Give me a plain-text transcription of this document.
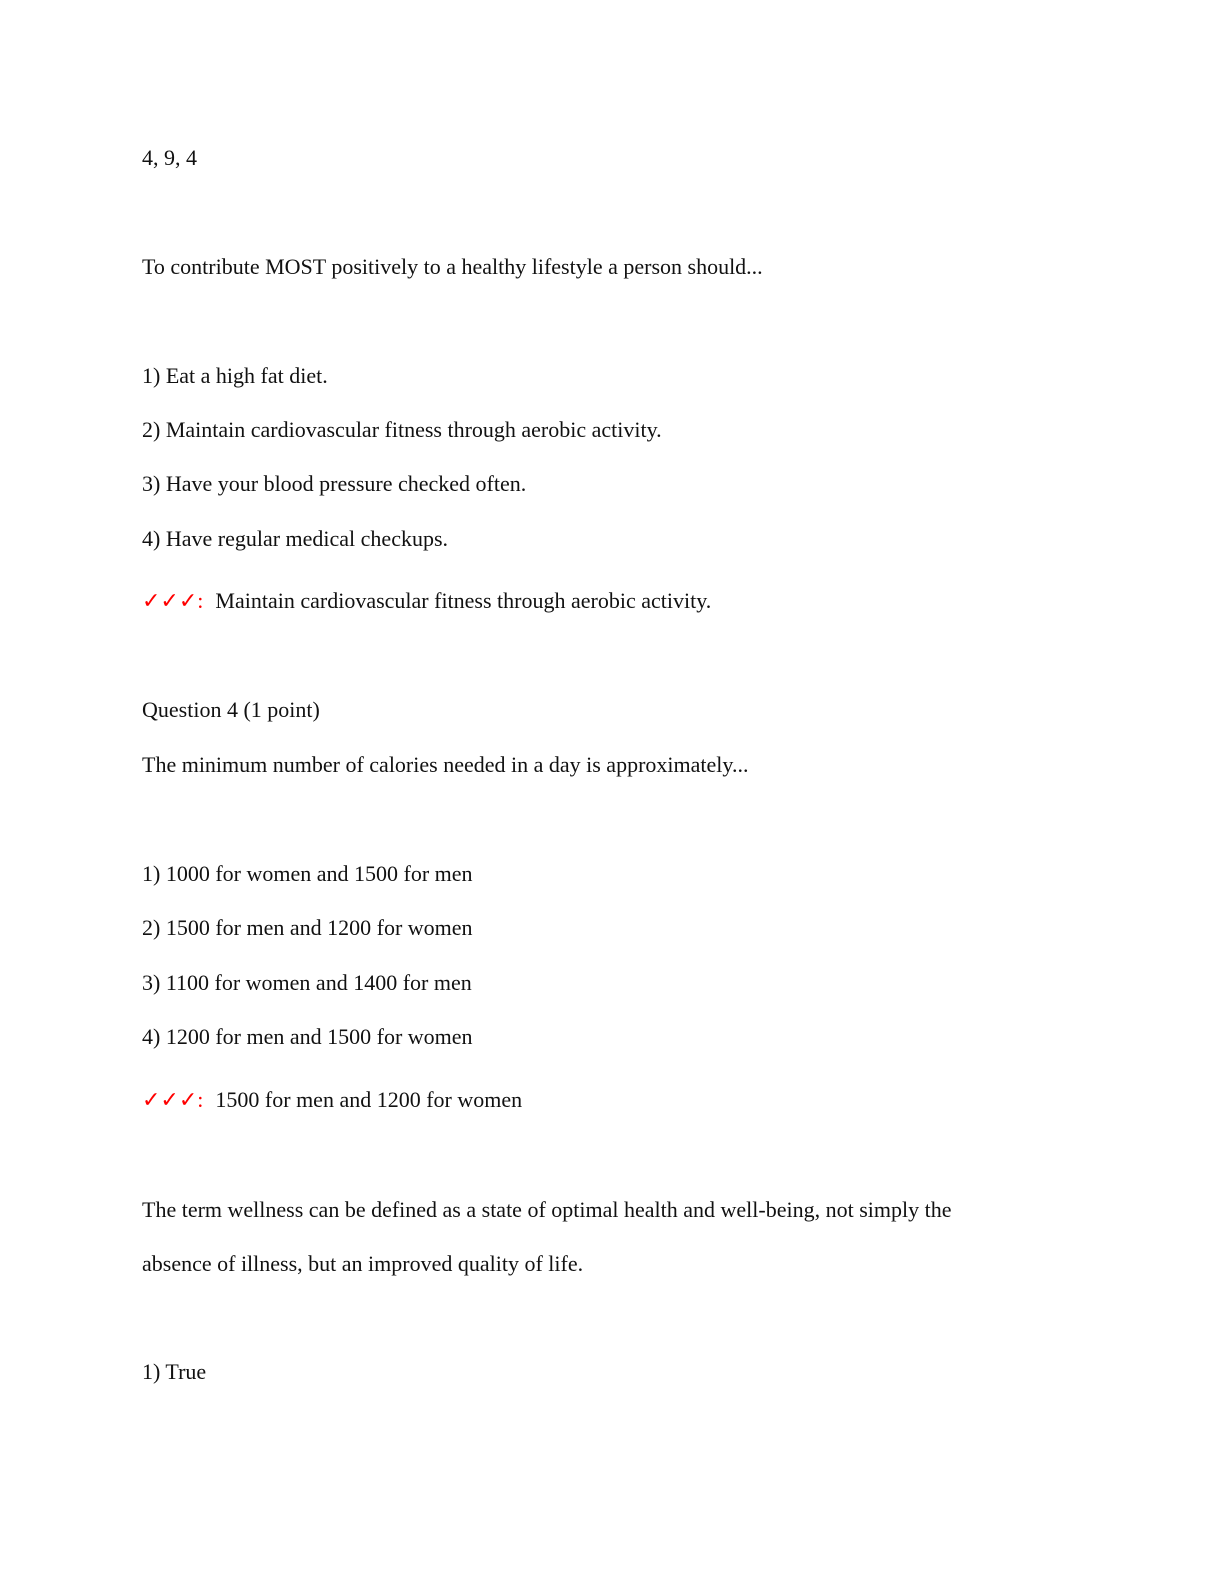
4, 9, 4
To contribute MOST positively to a healthy lifestyle a person should...
1) Eat a high fat diet.
2) Maintain cardiovascular fitness through aerobic activity.
3) Have your blood pressure checked often.
4) Have regular medical checkups.
✓✓✓: Maintain cardiovascular fitness through aerobic activity.
Question 4 (1 point)
The minimum number of calories needed in a day is approximately...
1) 1000 for women and 1500 for men
2) 1500 for men and 1200 for women
3) 1100 for women and 1400 for men
4) 1200 for men and 1500 for women
✓✓✓: 1500 for men and 1200 for women
The term wellness can be defined as a state of optimal health and well-being, not simply the
absence of illness, but an improved quality of life.
1) True
